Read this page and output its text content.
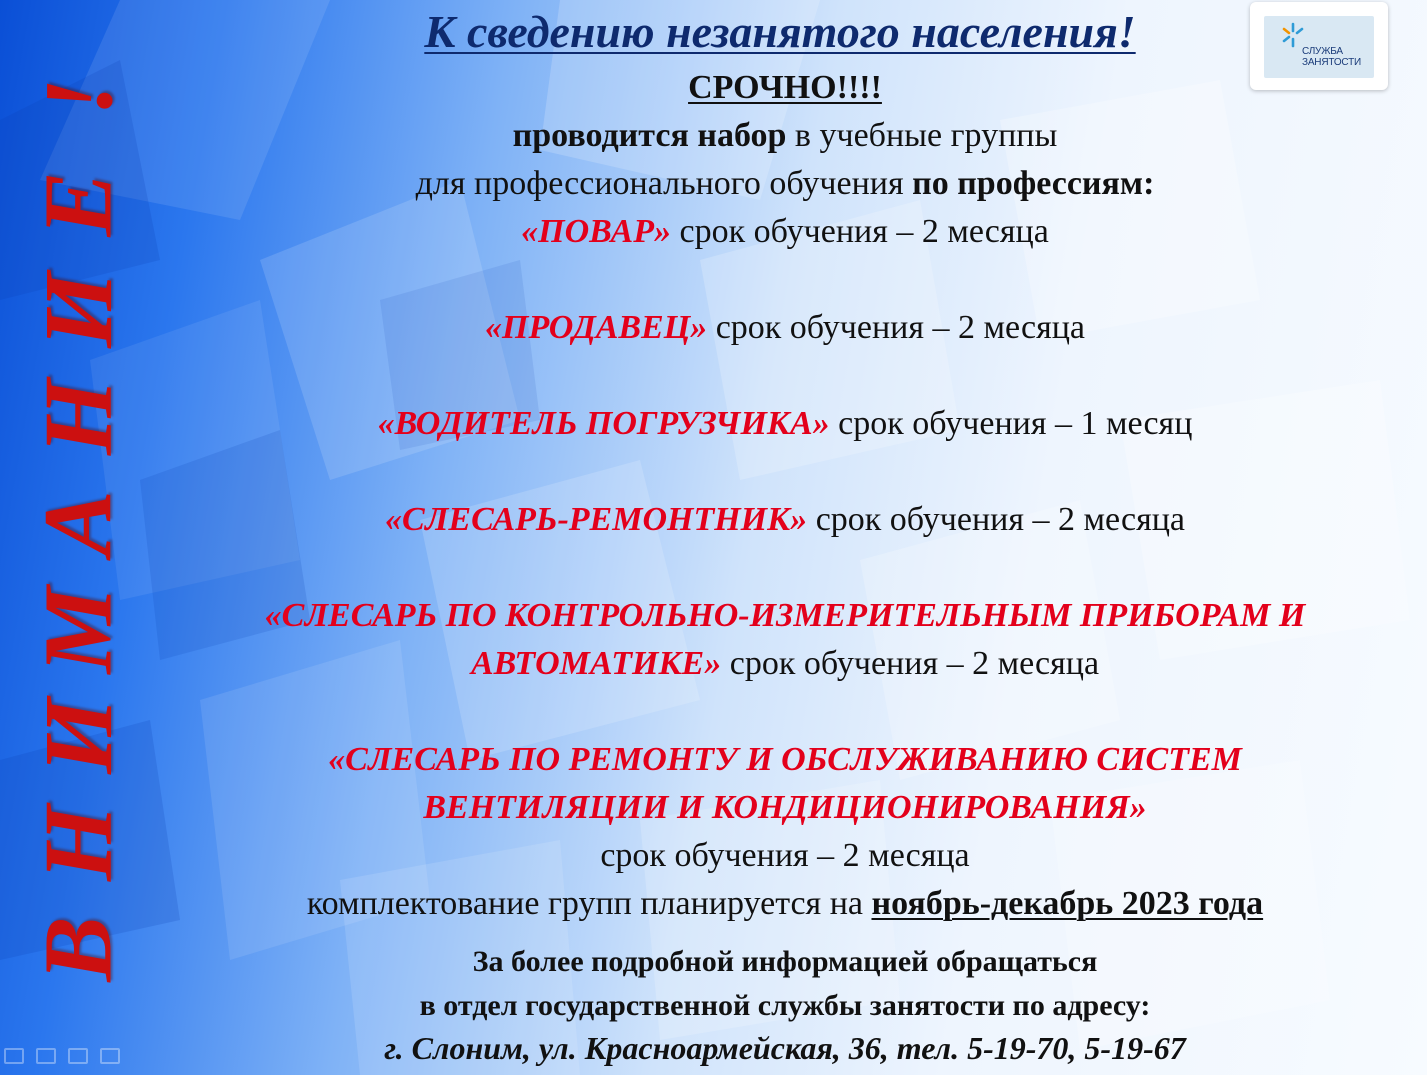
!
Е
И
Н
А
М
И
Н
В
СЛУЖБА
ЗАНЯТОСТИ
К сведению незанятого населения!
СРОЧНО!!!!
проводится набор в учебные группы
для профессионального обучения по профессиям:
«ПОВАР» срок обучения – 2 месяца
«ПРОДАВЕЦ» срок обучения – 2 месяца
«ВОДИТЕЛЬ ПОГРУЗЧИКА» срок обучения – 1 месяц
«СЛЕСАРЬ-РЕМОНТНИК» срок обучения – 2 месяца
«СЛЕСАРЬ ПО КОНТРОЛЬНО-ИЗМЕРИТЕЛЬНЫМ ПРИБОРАМ И
АВТОМАТИКЕ» срок обучения – 2 месяца
«СЛЕСАРЬ ПО РЕМОНТУ И ОБСЛУЖИВАНИЮ СИСТЕМ
ВЕНТИЛЯЦИИ И КОНДИЦИОНИРОВАНИЯ»
срок обучения – 2 месяца
комплектование групп планируется на ноябрь-декабрь 2023 года
За более подробной информацией обращаться
в отдел государственной службы занятости по адресу:
г. Слоним, ул. Красноармейская, 36, тел. 5-19-70, 5-19-67
